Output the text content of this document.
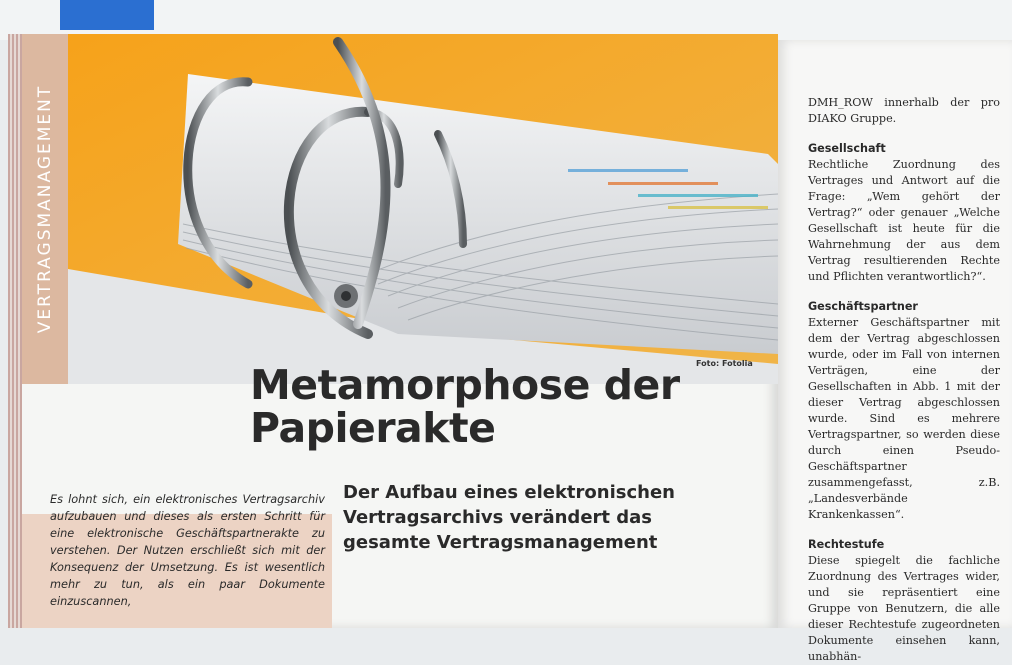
VERTRAGSMANAGEMENT
Foto: Fotolia
Metamorphose der
Papierakte

Der Aufbau eines elektronischen Vertragsarchivs verändert das gesamte Vertragsmanagement

Es lohnt sich, ein elektronisches Vertragsarchiv aufzubauen und dieses als ersten Schritt für eine elektronische Geschäftspartnerakte zu verstehen. Der Nutzen erschließt sich mit der Konsequenz der Umsetzung. Es ist wesentlich mehr zu tun, als ein paar Dokumente einzuscannen,

DMH_ROW innerhalb der pro DIAKO Gruppe.

Gesellschaft

Rechtliche Zuordnung des Vertrages und Antwort auf die Frage: „Wem gehört der Vertrag?“ oder genauer „Welche Gesellschaft ist heute für die Wahrnehmung der aus dem Vertrag resultierenden Rechte und Pflichten verantwortlich?“.

Geschäftspartner

Externer Geschäftspartner mit dem der Vertrag abgeschlossen wurde, oder im Fall von internen Verträgen, eine der Gesellschaften in Abb. 1 mit der dieser Vertrag abgeschlossen wurde. Sind es mehrere Vertragspartner, so werden diese durch einen Pseudo-Geschäftspartner zusammengefasst, z.B. „Landesverbände Krankenkassen“.

Rechtestufe

Diese spiegelt die fachliche Zuordnung des Vertrages wider, und sie repräsentiert eine Gruppe von Benutzern, die alle dieser Rechtestufe zugeordneten Dokumente einsehen kann, unabhän-
